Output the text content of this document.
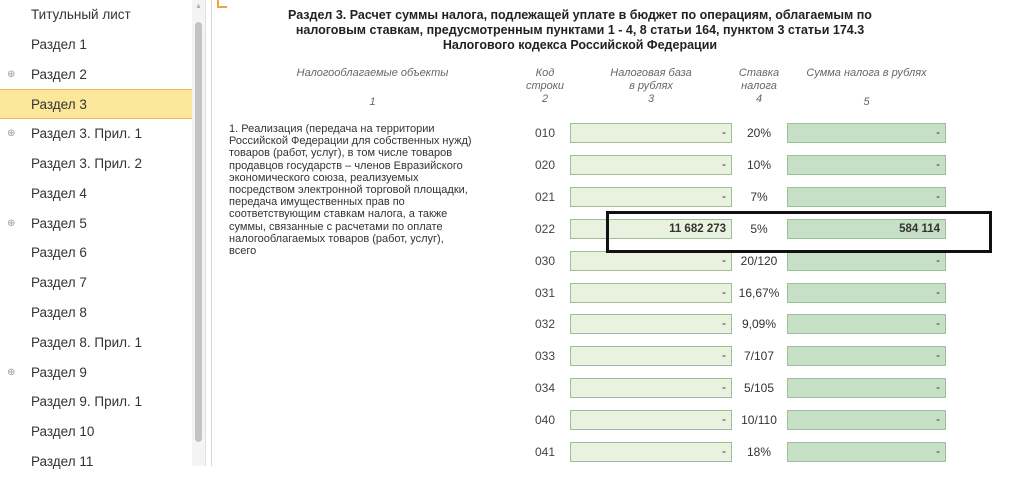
Титульный лист
Раздел 1
⊕ Раздел 2
Раздел 3
⊕ Раздел 3. Прил. 1
Раздел 3. Прил. 2
Раздел 4
⊕ Раздел 5
Раздел 6
Раздел 7
Раздел 8
Раздел 8. Прил. 1
⊕ Раздел 9
Раздел 9. Прил. 1
Раздел 10
Раздел 11
▲
Раздел 3. Расчет суммы налога, подлежащей уплате в бюджет по операциям, облагаемым по
налоговым ставкам, предусмотренным пунктами 1 - 4, 8 статьи 164, пунктом 3 статьи 174.3
Налогового кодекса Российской Федерации
Налогооблагаемые объекты
1
Код
строки
2
Налоговая база
в рублях
3
Ставка
налога
4
Сумма налога в рублях
5
1. Реализация (передача на территории
Российской Федерации для собственных нужд)
товаров (работ, услуг), в том числе товаров
продавцов государств – членов Евразийского
экономического союза, реализуемых
посредством электронной торговой площадки,
передача имущественных прав по
соответствующим ставкам налога, а также
суммы, связанные с расчетами по оплате
налогооблагаемых товаров (работ, услуг),
всего
010	-	20%	-
020	-	10%	-
021	-	7%	-
022	11 682 273	5%	584 114
030	-	20/120	-
031	-	16,67%	-
032	-	9,09%	-
033	-	7/107	-
034	-	5/105	-
040	-	10/110	-
041	-	18%	-
